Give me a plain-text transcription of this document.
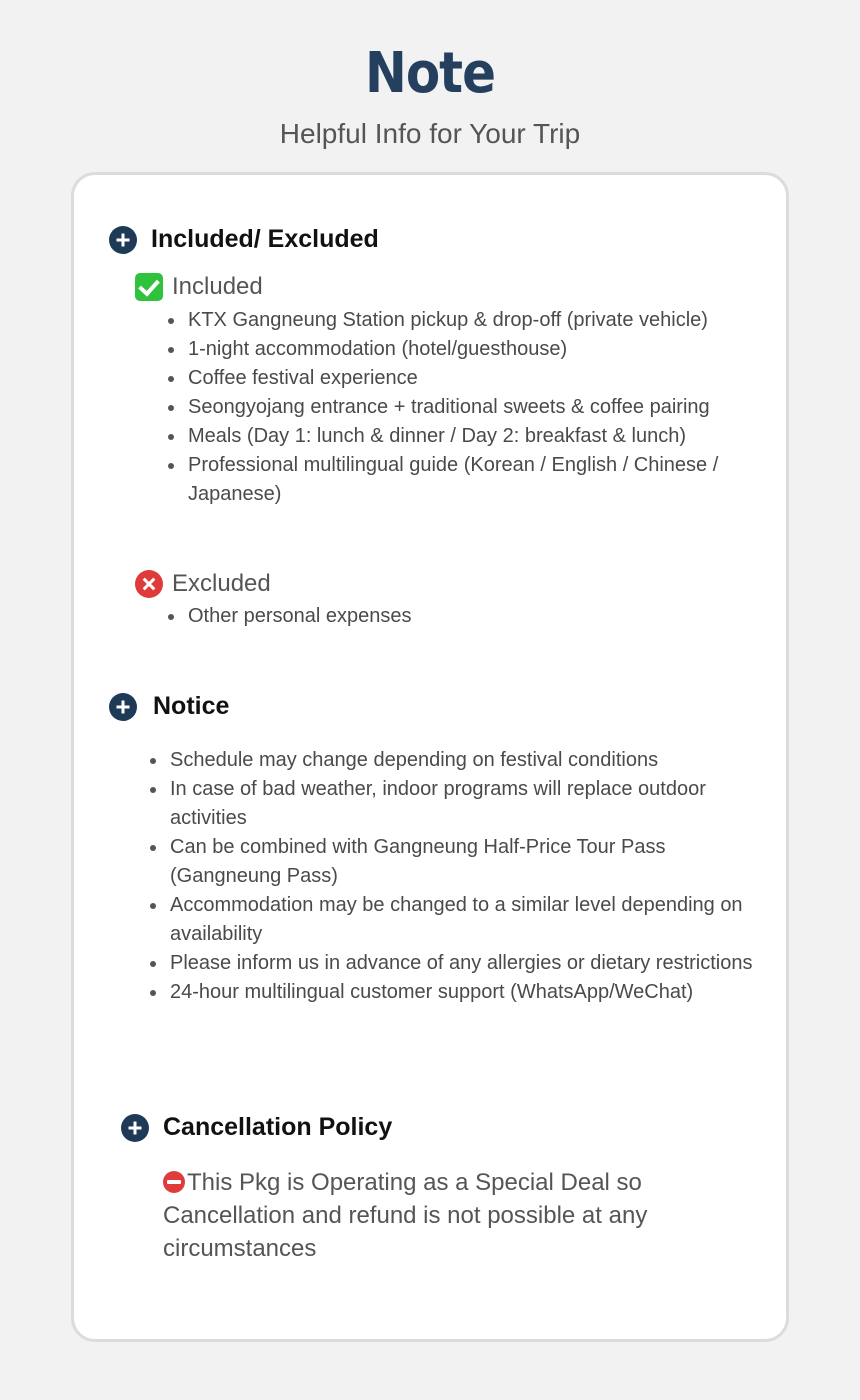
Note
Helpful Info for Your Trip
Included/ Excluded
Included
KTX Gangneung Station pickup & drop-off (private vehicle)
1-night accommodation (hotel/guesthouse)
Coffee festival experience
Seongyojang entrance + traditional sweets & coffee pairing
Meals (Day 1: lunch & dinner / Day 2: breakfast & lunch)
Professional multilingual guide (Korean / English / Chinese / Japanese)
Excluded
Other personal expenses
Notice
Schedule may change depending on festival conditions
In case of bad weather, indoor programs will replace outdoor activities
Can be combined with Gangneung Half-Price Tour Pass (Gangneung Pass)
Accommodation may be changed to a similar level depending on availability
Please inform us in advance of any allergies or dietary restrictions
24-hour multilingual customer support (WhatsApp/WeChat)
Cancellation Policy
This Pkg is Operating as a Special Deal so Cancellation and refund is not possible at any circumstances
